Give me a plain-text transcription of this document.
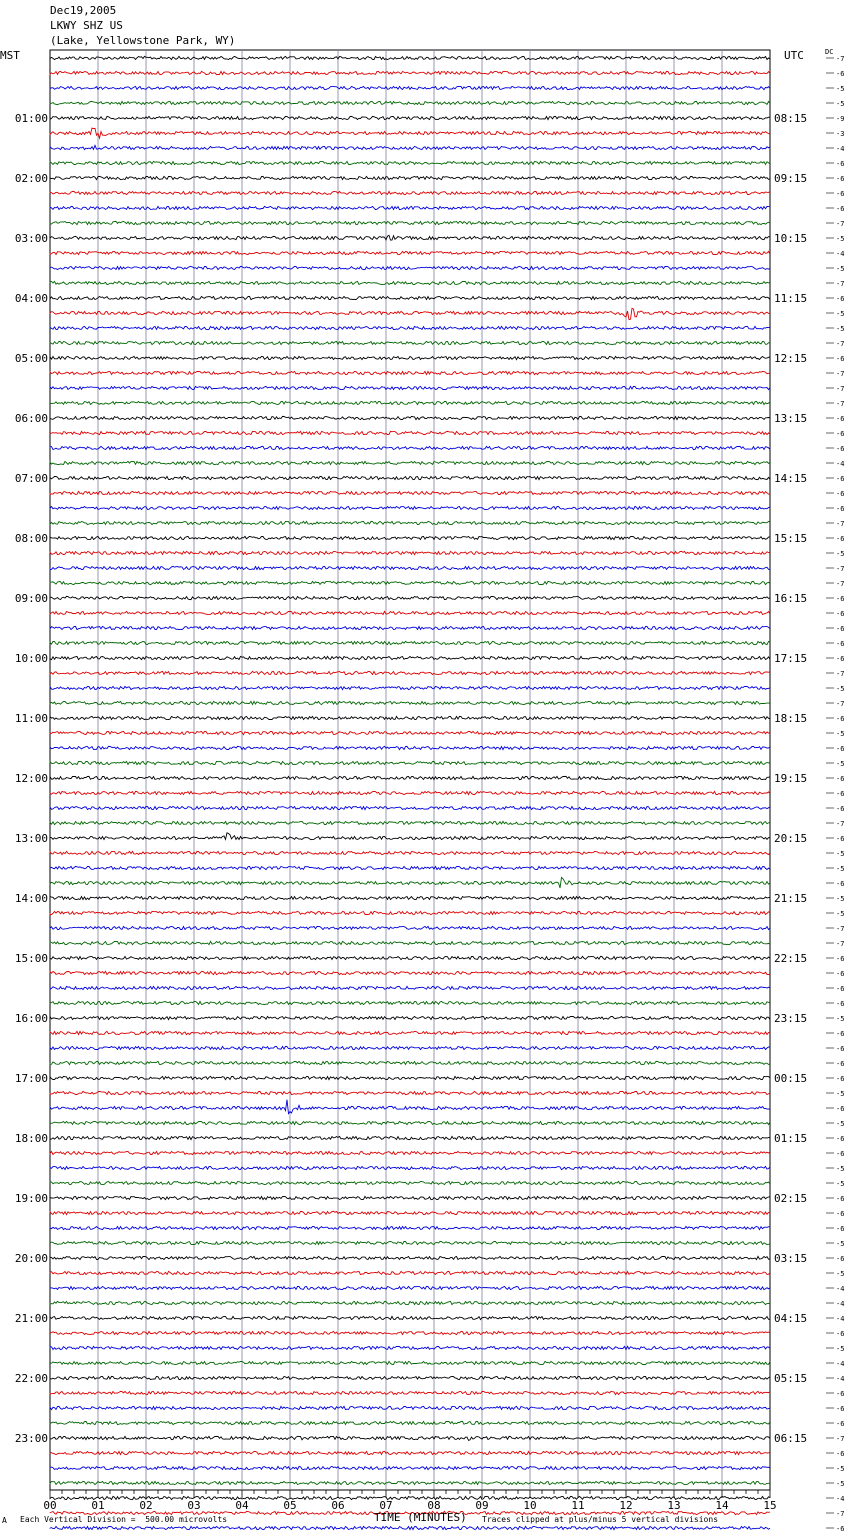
Dec19,2005
LKWY SHZ US
(Lake, Yellowstone Park, WY)
MST	UTC	DC
-7
-6
-5
-5
-9
-3
-4
-6
-6
-6
-6
-7
-5
-4
-5
-7
-6
-5
-5
-7
-6
-7
-7
-7
-6
-6
-6
-4
-6
-6
-6
-7
-6
-5
-7
-7
-6
-6
-6
-6
-6
-7
-5
-7
-6
-5
-6
-5
-6
-6
-6
-7
-6
-5
-5
-6
-5
-5
-7
-7
-6
-6
-6
-6
-5
-6
-6
-6
-6
-5
-6
-5
-6
-6
-5
-5
-6
-6
-6
-5
-6
-5
-4
-4
-4
-6
-5
-4
-4
-6
-6
-6
-7
-6
-5
-5
-4
-7
-6
01:00	08:15
02:00	09:15
03:00	10:15
04:00	11:15
05:00	12:15
06:00	13:15
07:00	14:15
08:00	15:15
09:00	16:15
10:00	17:15
11:00	18:15
12:00	19:15
13:00	20:15
14:00	21:15
15:00	22:15
16:00	23:15
17:00	00:15
18:00	01:15
19:00	02:15
20:00	03:15
21:00	04:15
22:00	05:15
23:00	06:15
00	01	02	03	04	05	06	07	08	09	10	11	12	13	14	15
A Each Vertical Division =  500.00 microvolts	TIME (MINUTES) Traces clipped at plus/minus 5 vertical divisions
